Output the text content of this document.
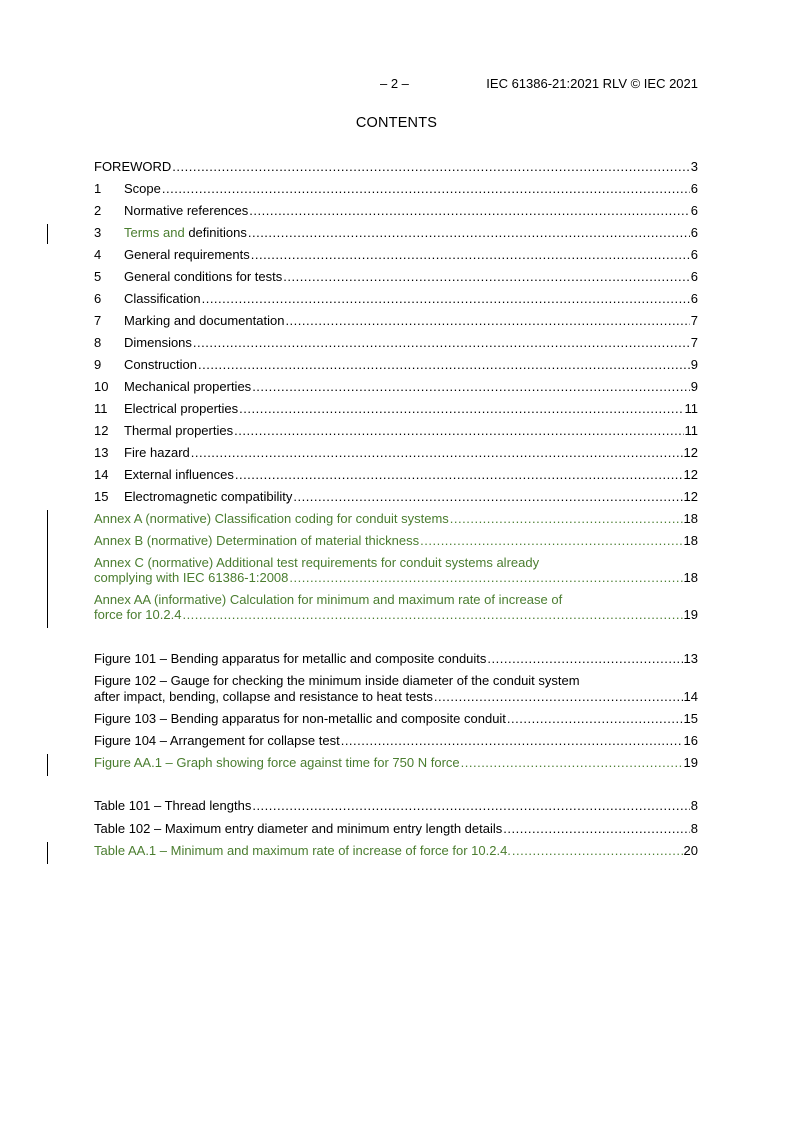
– 2 –	IEC 61386-21:2021 RLV © IEC 2021
CONTENTS
FOREWORD .....	3
1 Scope .....	6
2 Normative references .....	6
3 Terms and definitions .....	6
4 General requirements .....	6
5 General conditions for tests .....	6
6 Classification .....	6
7 Marking and documentation .....	7
8 Dimensions .....	7
9 Construction .....	9
10 Mechanical properties .....	9
11 Electrical properties .....	11
12 Thermal properties .....	11
13 Fire hazard .....	12
14 External influences .....	12
15 Electromagnetic compatibility .....	12
Annex A (normative) Classification coding for conduit systems .....	18
Annex B (normative) Determination of material thickness .....	18
Annex C (normative) Additional test requirements for conduit systems already
complying with IEC 61386-1:2008 .....	18
Annex AA (informative) Calculation for minimum and maximum rate of increase of
force for 10.2.4 .....	19
Figure 101 – Bending apparatus for metallic and composite conduits .....	13
Figure 102 – Gauge for checking the minimum inside diameter of the conduit system
after impact, bending, collapse and resistance to heat tests .....	14
Figure 103 – Bending apparatus for non-metallic and composite conduit .....	15
Figure 104 – Arrangement for collapse test .....	16
Figure AA.1 – Graph showing force against time for 750 N force .....	19
Table 101 – Thread lengths .....	8
Table 102 – Maximum entry diameter and minimum entry length details .....	8
Table AA.1 – Minimum and maximum rate of increase of force for 10.2.4. .....	20
